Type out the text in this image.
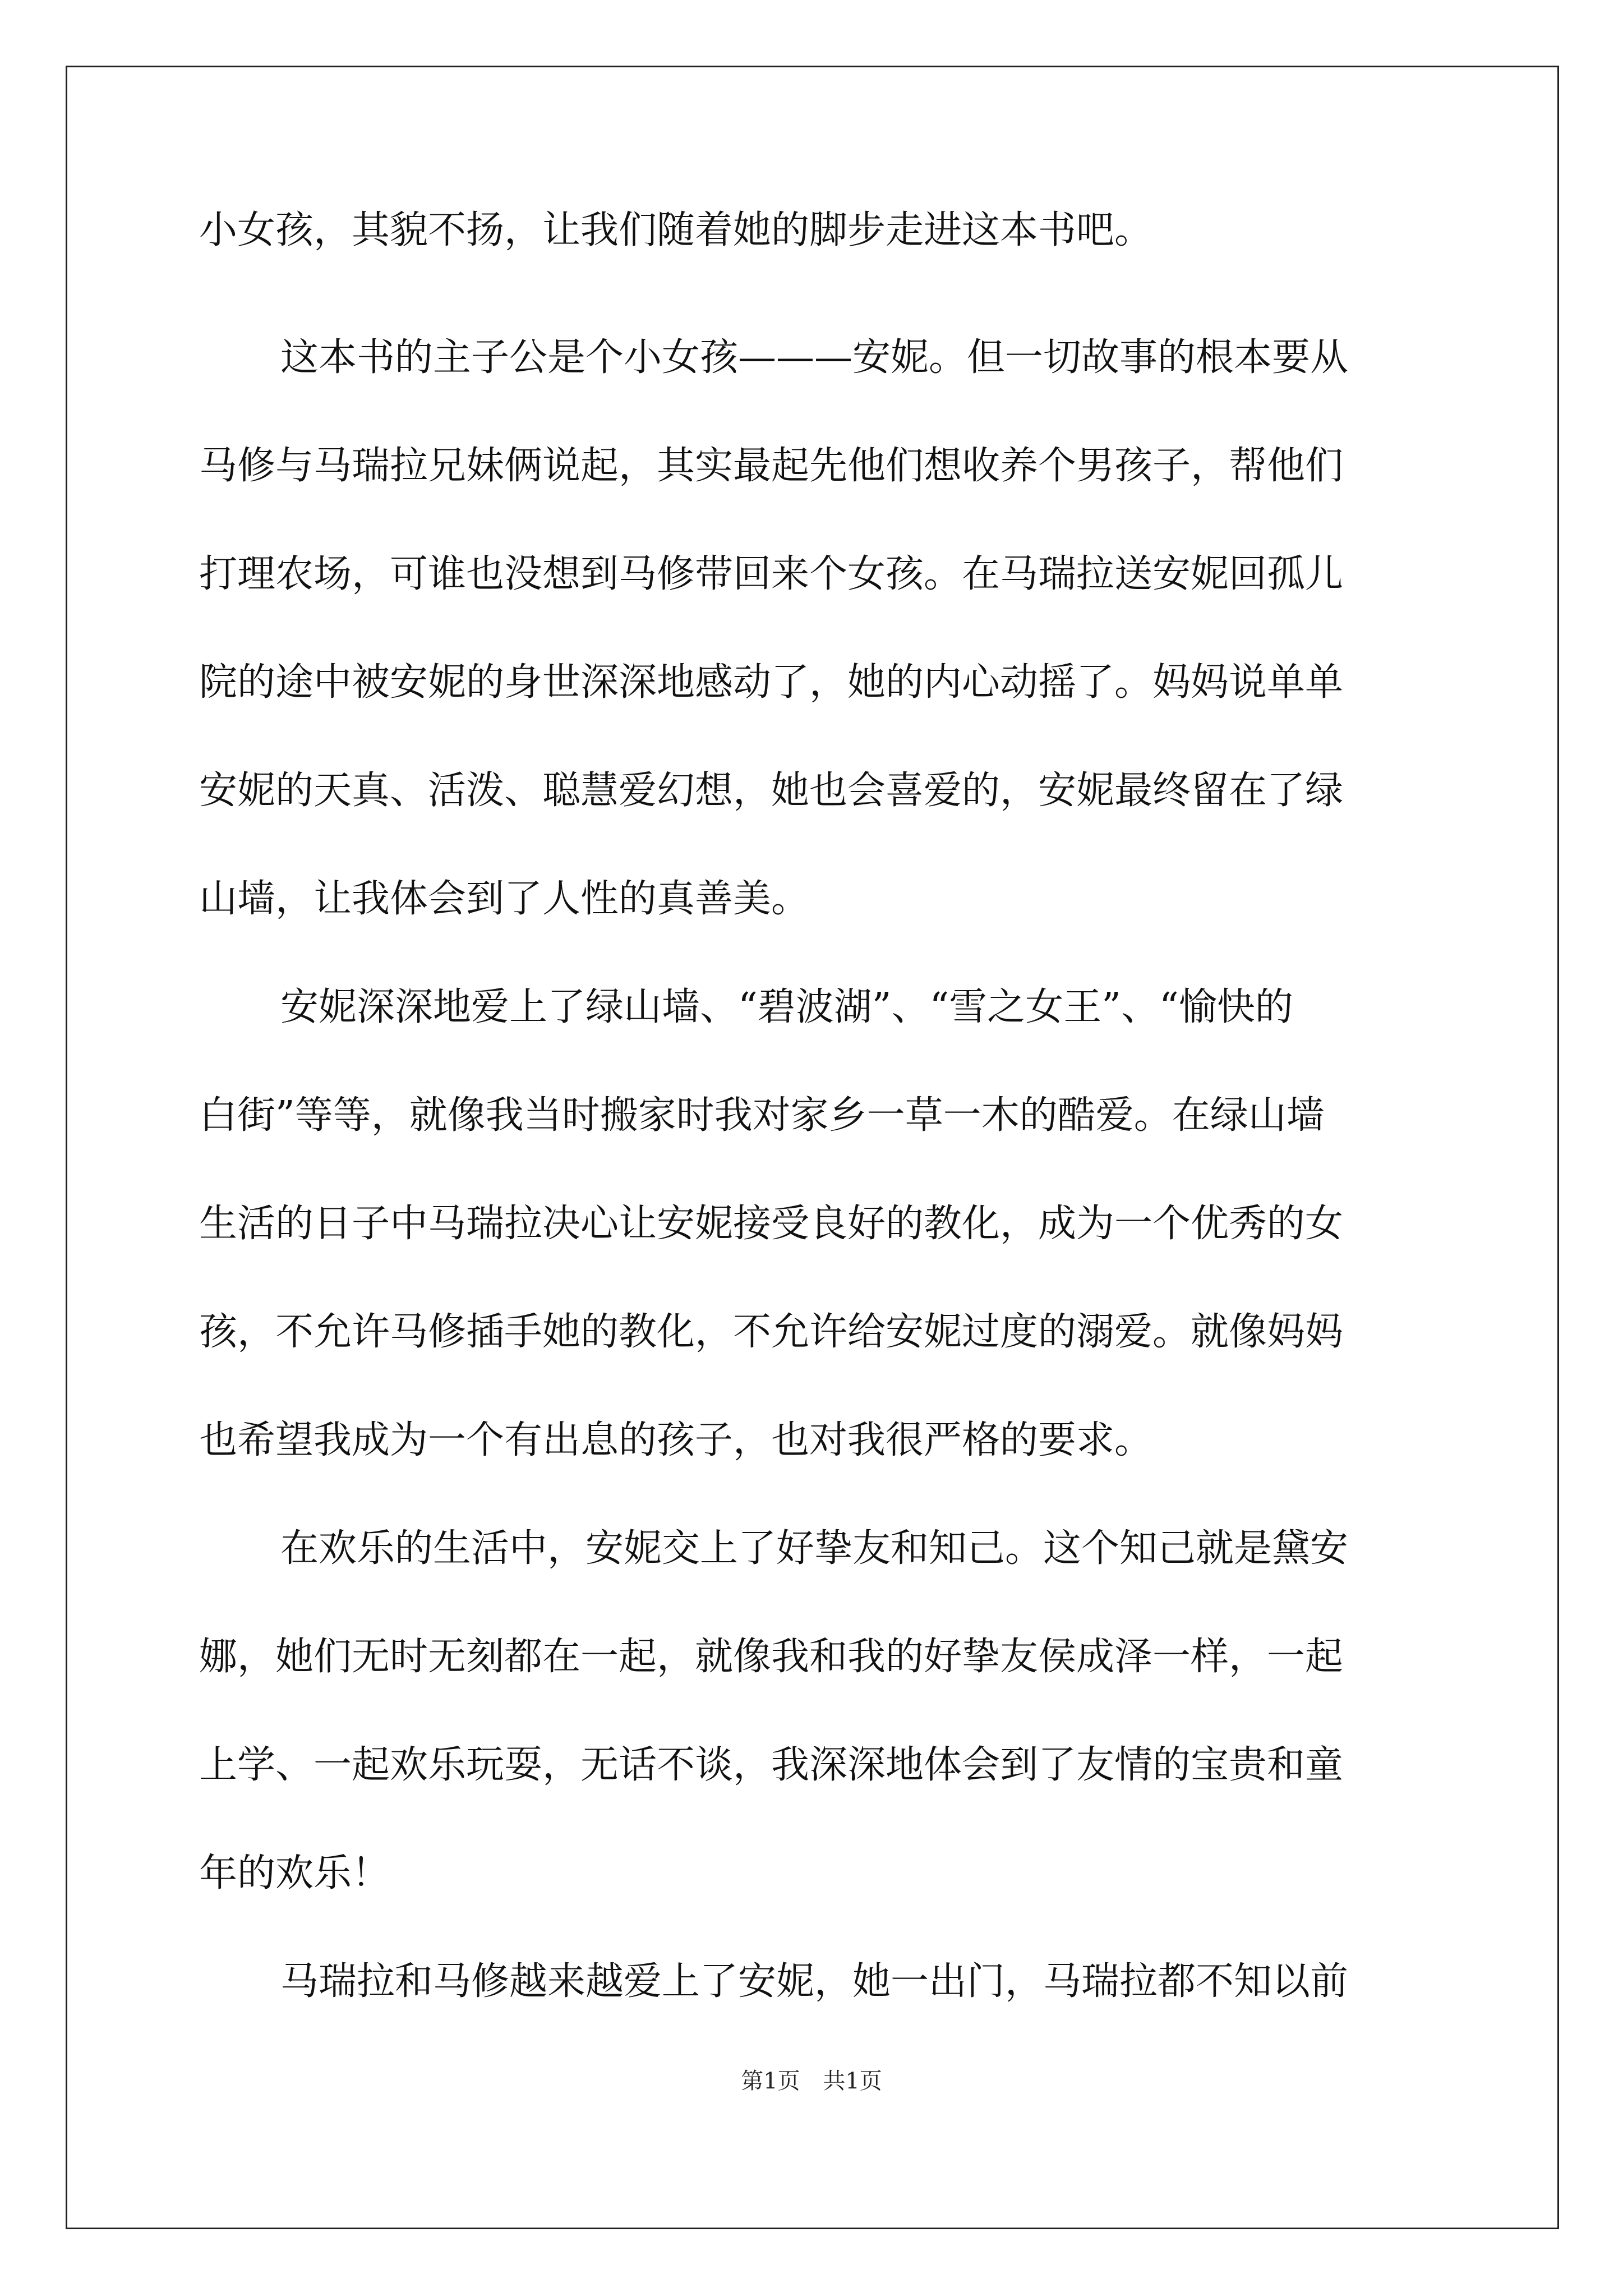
小女孩，其貌不扬，让我们随着她的脚步走进这本书吧。
这本书的主子公是个小女孩———安妮。但一切故事的根本要从
马修与马瑞拉兄妹俩说起，其实最起先他们想收养个男孩子，帮他们
打理农场，可谁也没想到马修带回来个女孩。在马瑞拉送安妮回孤儿
院的途中被安妮的身世深深地感动了，她的内心动摇了。妈妈说单单
安妮的天真、活泼、聪慧爱幻想，她也会喜爱的，安妮最终留在了绿
山墙，让我体会到了人性的真善美。
安妮深深地爱上了绿山墙、“碧波湖”、“雪之女王”、“愉快的
白街”等等，就像我当时搬家时我对家乡一草一木的酷爱。在绿山墙
生活的日子中马瑞拉决心让安妮接受良好的教化，成为一个优秀的女
孩，不允许马修插手她的教化，不允许给安妮过度的溺爱。就像妈妈
也希望我成为一个有出息的孩子，也对我很严格的要求。
在欢乐的生活中，安妮交上了好挚友和知己。这个知己就是黛安
娜，她们无时无刻都在一起，就像我和我的好挚友侯成泽一样，一起
上学、一起欢乐玩耍，无话不谈，我深深地体会到了友情的宝贵和童
年的欢乐！
马瑞拉和马修越来越爱上了安妮，她一出门，马瑞拉都不知以前
第1页 共1页
